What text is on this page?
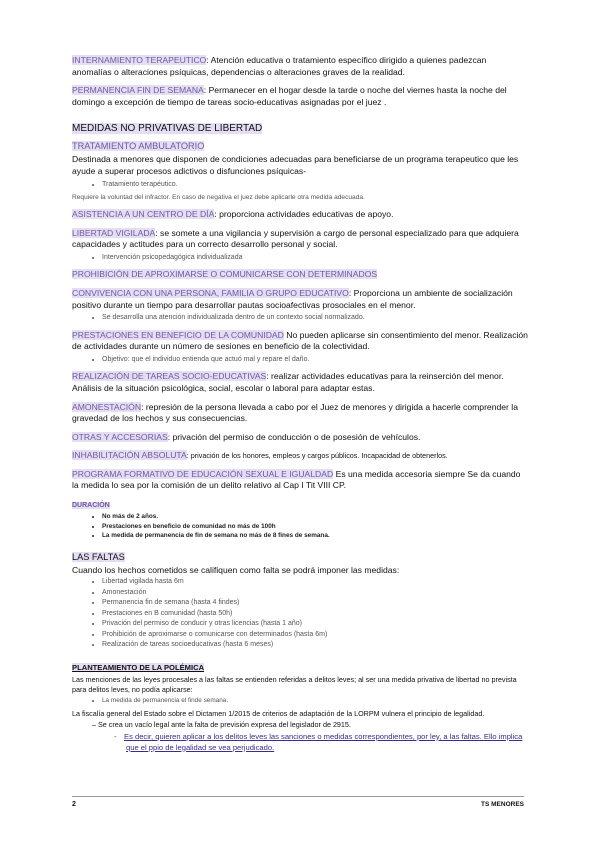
INTERNAMIENTO TERAPEUTICO: Atención educativa o tratamiento específico dirigido a quienes padezcan anomalías o alteraciones psíquicas, dependencias o alteraciones graves de la realidad.

PERMANENCIA FIN DE SEMANA: Permanecer en el hogar desde la tarde o noche del viernes hasta la noche del domingo a excepción de tiempo de tareas socio-educativas asignadas por el juez .

MEDIDAS NO PRIVATIVAS DE LIBERTAD
TRATAMIENTO AMBULATORIO

Destinada a menores que disponen de condiciones adecuadas para beneficiarse de un programa terapeutico que les ayude a superar procesos adictivos o disfunciones psíquicas-

• Tratamiento terapéutico.

Requiere la voluntad del infractor. En caso de negativa el juez debe aplicarle otra medida adecuada.

ASISTENCIA A UN CENTRO DE DÍA: proporciona actividades educativas de apoyo.

LIBERTAD VIGILADA: se somete a una vigilancia y supervisión a cargo de personal especializado para que adquiera capacidades y actitudes para un correcto desarrollo personal y social.

• Intervención psicopedagógica individualizada

PROHIBICIÓN DE APROXIMARSE O COMUNICARSE CON DETERMINADOS

CONVIVENCIA CON UNA PERSONA, FAMILIA O GRUPO EDUCATIVO: Proporciona un ambiente de socialización positivo durante un tiempo para desarrollar pautas socioafectivas prosociales en el menor.

• Se desarrolla una atención individualizada dentro de un contexto social normalizado.

PRESTACIONES EN BENEFICIO DE LA COMUNIDAD No pueden aplicarse sin consentimiento del menor. Realización de actividades durante un número de sesiones en beneficio de la colectividad.

• Objetivo: que el individuo entienda que actuó mal y repare el daño.

REALIZACIÓN DE TAREAS SOCIO-EDUCATIVAS: realizar actividades educativas para la reinserción del menor. Análisis de la situación psicológica, social, escolar o laboral para adaptar estas.

AMONESTACIÓN: represión de la persona llevada a cabo por el Juez de menores y dirigida a hacerle comprender la gravedad de los hechos y sus consecuencias.

OTRAS Y ACCESORIAS: privación del permiso de conducción o de posesión de vehículos.

INHABILITACIÓN ABSOLUTA: privación de los honores, empleos y cargos públicos. Incapacidad de obtenerlos.

PROGRAMA FORMATIVO DE EDUCACIÓN SEXUAL E IGUALDAD Es una medida accesoria siempre Se da cuando la medida lo sea por la comisión de un delito relativo al Cap I Tit VIII CP.

DURACIÓN
• No más de 2 años.
• Prestaciones en beneficio de comunidad no más de 100h
• La medida de permanencia de fin de semana no más de 8 fines de semana.
LAS FALTAS

Cuando los hechos cometidos se califiquen como falta se podrá imponer las medidas:

• Libertad vigilada hasta 6m
• Amonestación
• Permanencia fin de semana (hasta 4 findes)
• Prestaciones en B comunidad (hasta 50h)
• Privación del permiso de conducir y otras licencias (hasta 1 año)
• Prohibición de aproximarse o comunicarse con determinados (hasta 6m)
• Realización de tareas socioeducativas (hasta 6 meses)
PLANTEAMIENTO DE LA POLÉMICA

Las menciones de las leyes procesales a las faltas se entienden referidas a delitos leves; al ser una medida privativa de libertad no prevista para delitos leves, no podía aplicarse:

• La medida de permanencia el finde semana.

La fiscalía general del Estado sobre el Dictamen 1/2015 de criterios de adaptación de la LORPM vulnera el principio de legalidad.

– Se crea un vacío legal ante la falta de previsión expresa del legislador de 2915.
- Es decir, quieren aplicar a los delitos leves las sanciones o medidas correspondientes, por ley, a las faltas. Ello implica que el ppio de legalidad se vea perjudicado.
2	TS MENORES
